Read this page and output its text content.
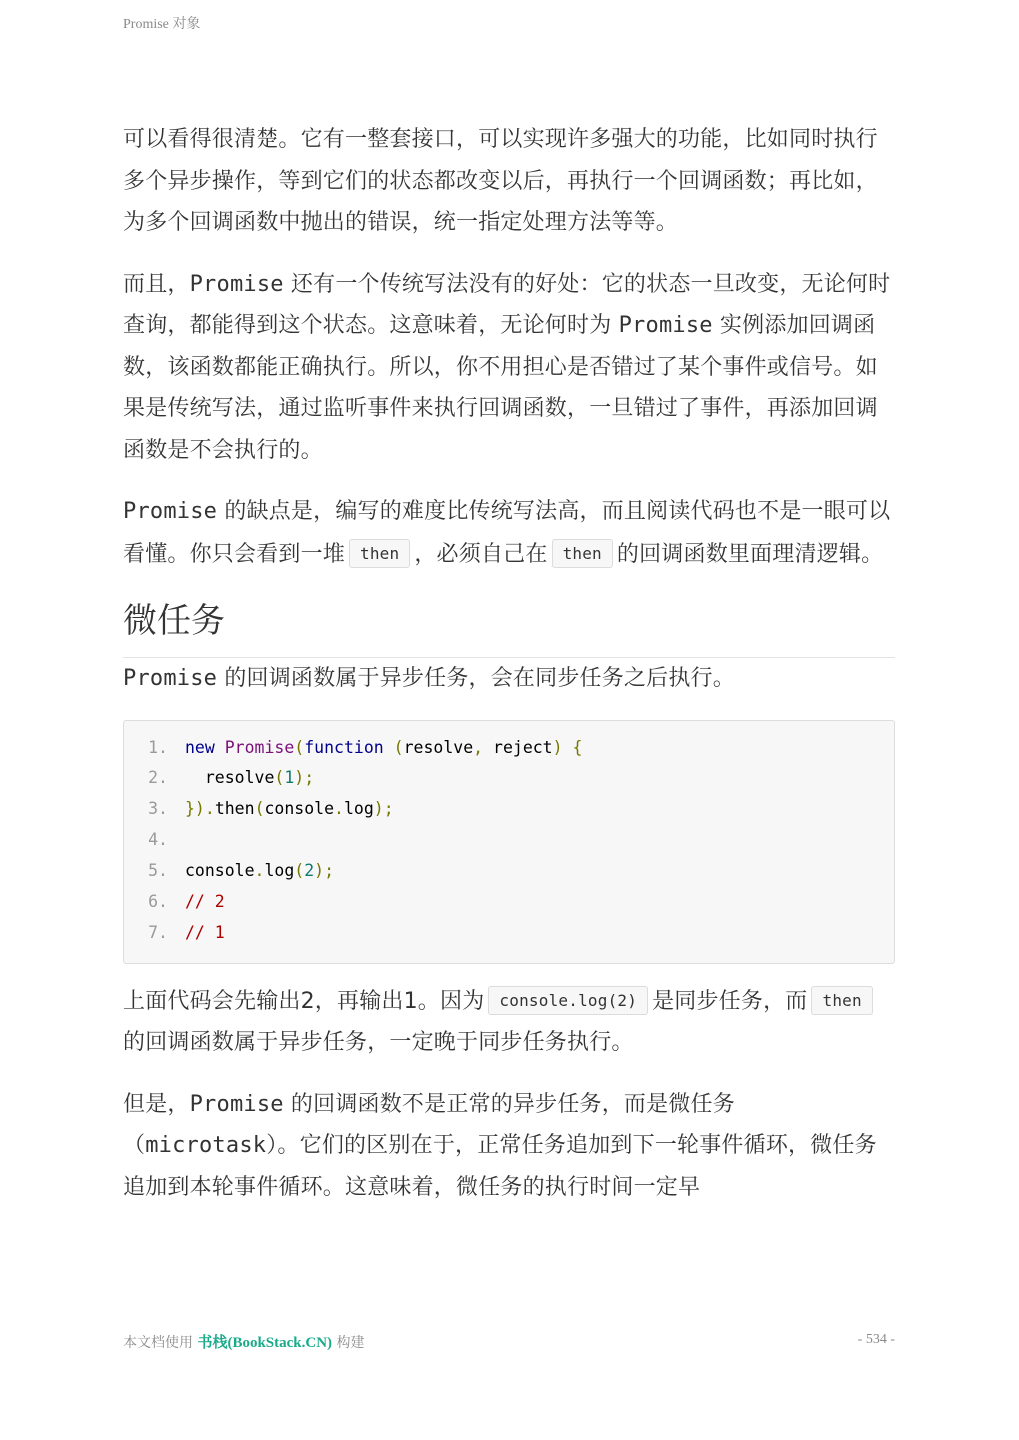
Promise 对象

可以看得很清楚。它有一整套接口，可以实现许多强大的功能，比如同时执行多个异步操作，等到它们的状态都改变以后，再执行一个回调函数；再比如，为多个回调函数中抛出的错误，统一指定处理方法等等。

而且，Promise 还有一个传统写法没有的好处：它的状态一旦改变，无论何时查询，都能得到这个状态。这意味着，无论何时为 Promise 实例添加回调函数，该函数都能正确执行。所以，你不用担心是否错过了某个事件或信号。如果是传统写法，通过监听事件来执行回调函数，一旦错过了事件，再添加回调函数是不会执行的。

Promise 的缺点是，编写的难度比传统写法高，而且阅读代码也不是一眼可以看懂。你只会看到一堆 then ，必须自己在 then 的回调函数里面理清逻辑。

微任务

Promise 的回调函数属于异步任务，会在同步任务之后执行。

1.	new Promise(function (resolve, reject) {
2.	resolve(1);
3.	}).then(console.log);
4.
5.	console.log(2);
6.	// 2
7.	// 1

上面代码会先输出2，再输出1。因为 console.log(2) 是同步任务，而 then的回调函数属于异步任务，一定晚于同步任务执行。

但是，Promise 的回调函数不是正常的异步任务，而是微任务（microtask）。它们的区别在于，正常任务追加到下一轮事件循环，微任务追加到本轮事件循环。这意味着，微任务的执行时间一定早

本文档使用 书栈(BookStack.CN) 构建	- 534 -
